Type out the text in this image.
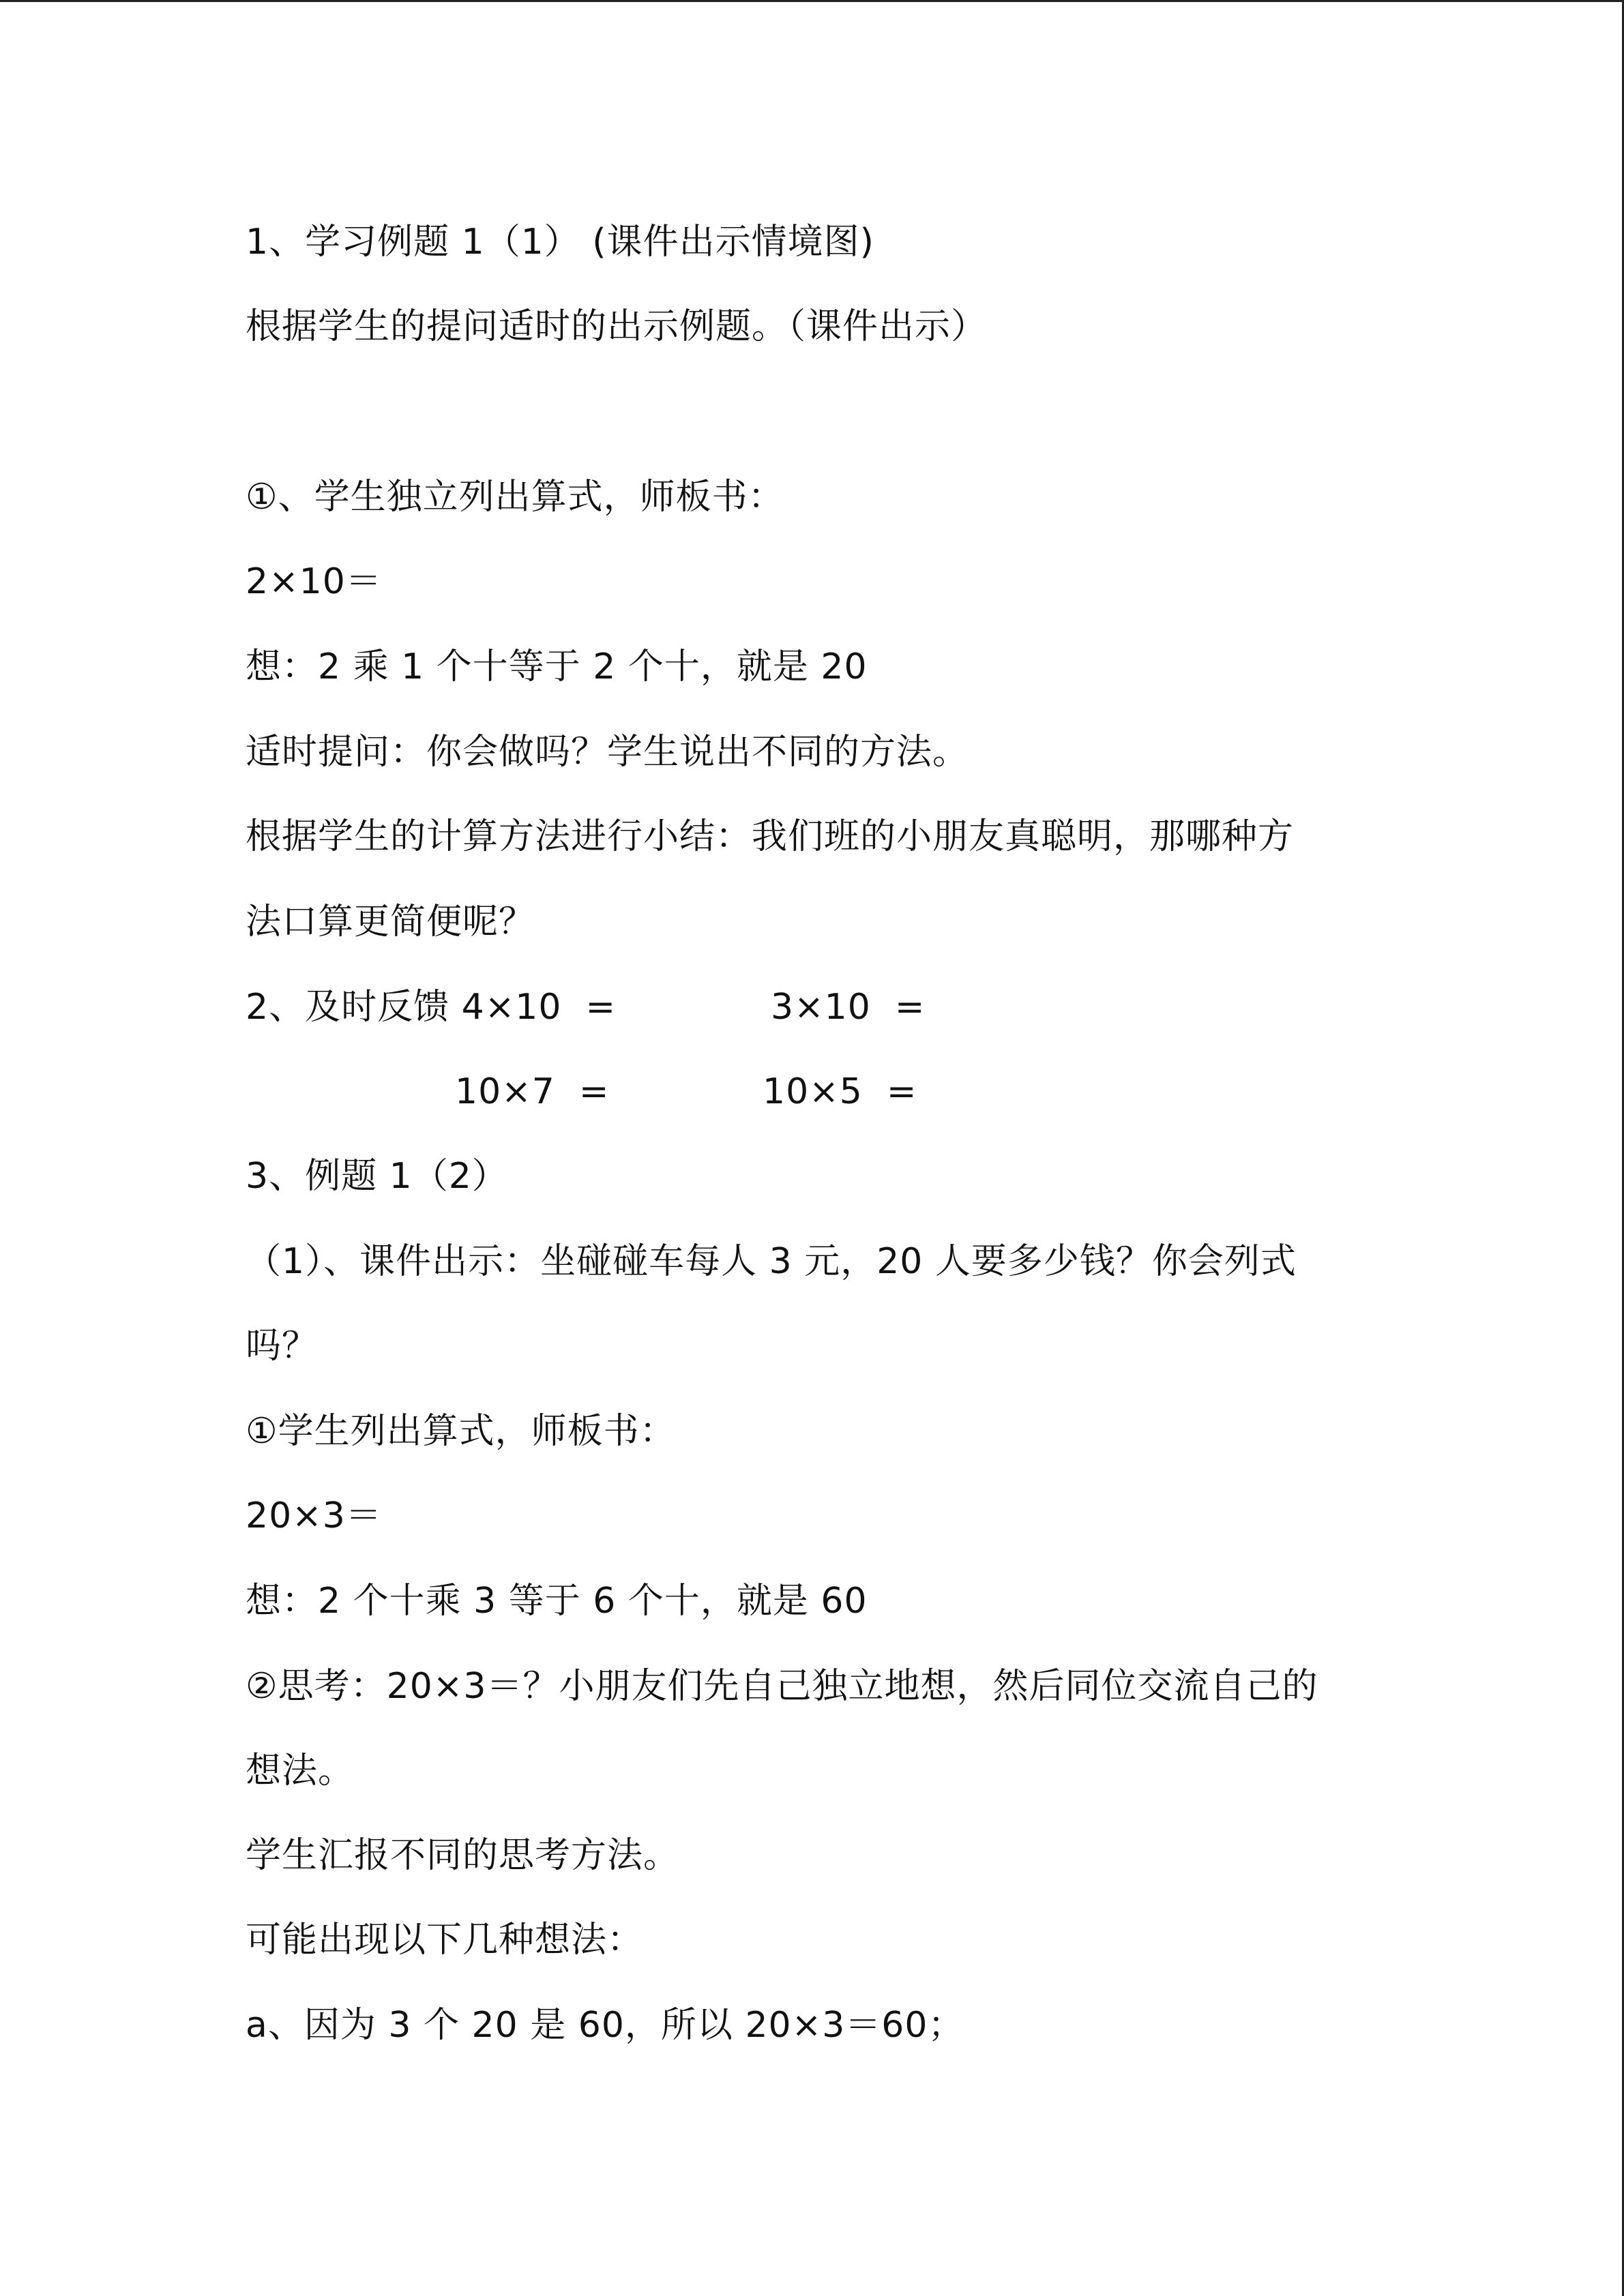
1、学习例题 1（1） (课件出示情境图)
根据学生的提问适时的出示例题。（课件出示）
①、学生独立列出算式，师板书：
2×10＝
想：2 乘 1 个十等于 2 个十，就是 20
适时提问：你会做吗？学生说出不同的方法。
根据学生的计算方法进行小结：我们班的小朋友真聪明，那哪种方
法口算更简便呢？
2、及时反馈 4×10  =	3×10  =
10×7  =	10×5  =
3、例题 1（2）
（1）、课件出示：坐碰碰车每人 3 元，20 人要多少钱？你会列式
吗？
①学生列出算式，师板书：
20×3＝
想：2 个十乘 3 等于 6 个十，就是 60
②思考：20×3＝？小朋友们先自己独立地想，然后同位交流自己的
想法。
学生汇报不同的思考方法。
可能出现以下几种想法：
a、因为 3 个 20 是 60，所以 20×3＝60；
